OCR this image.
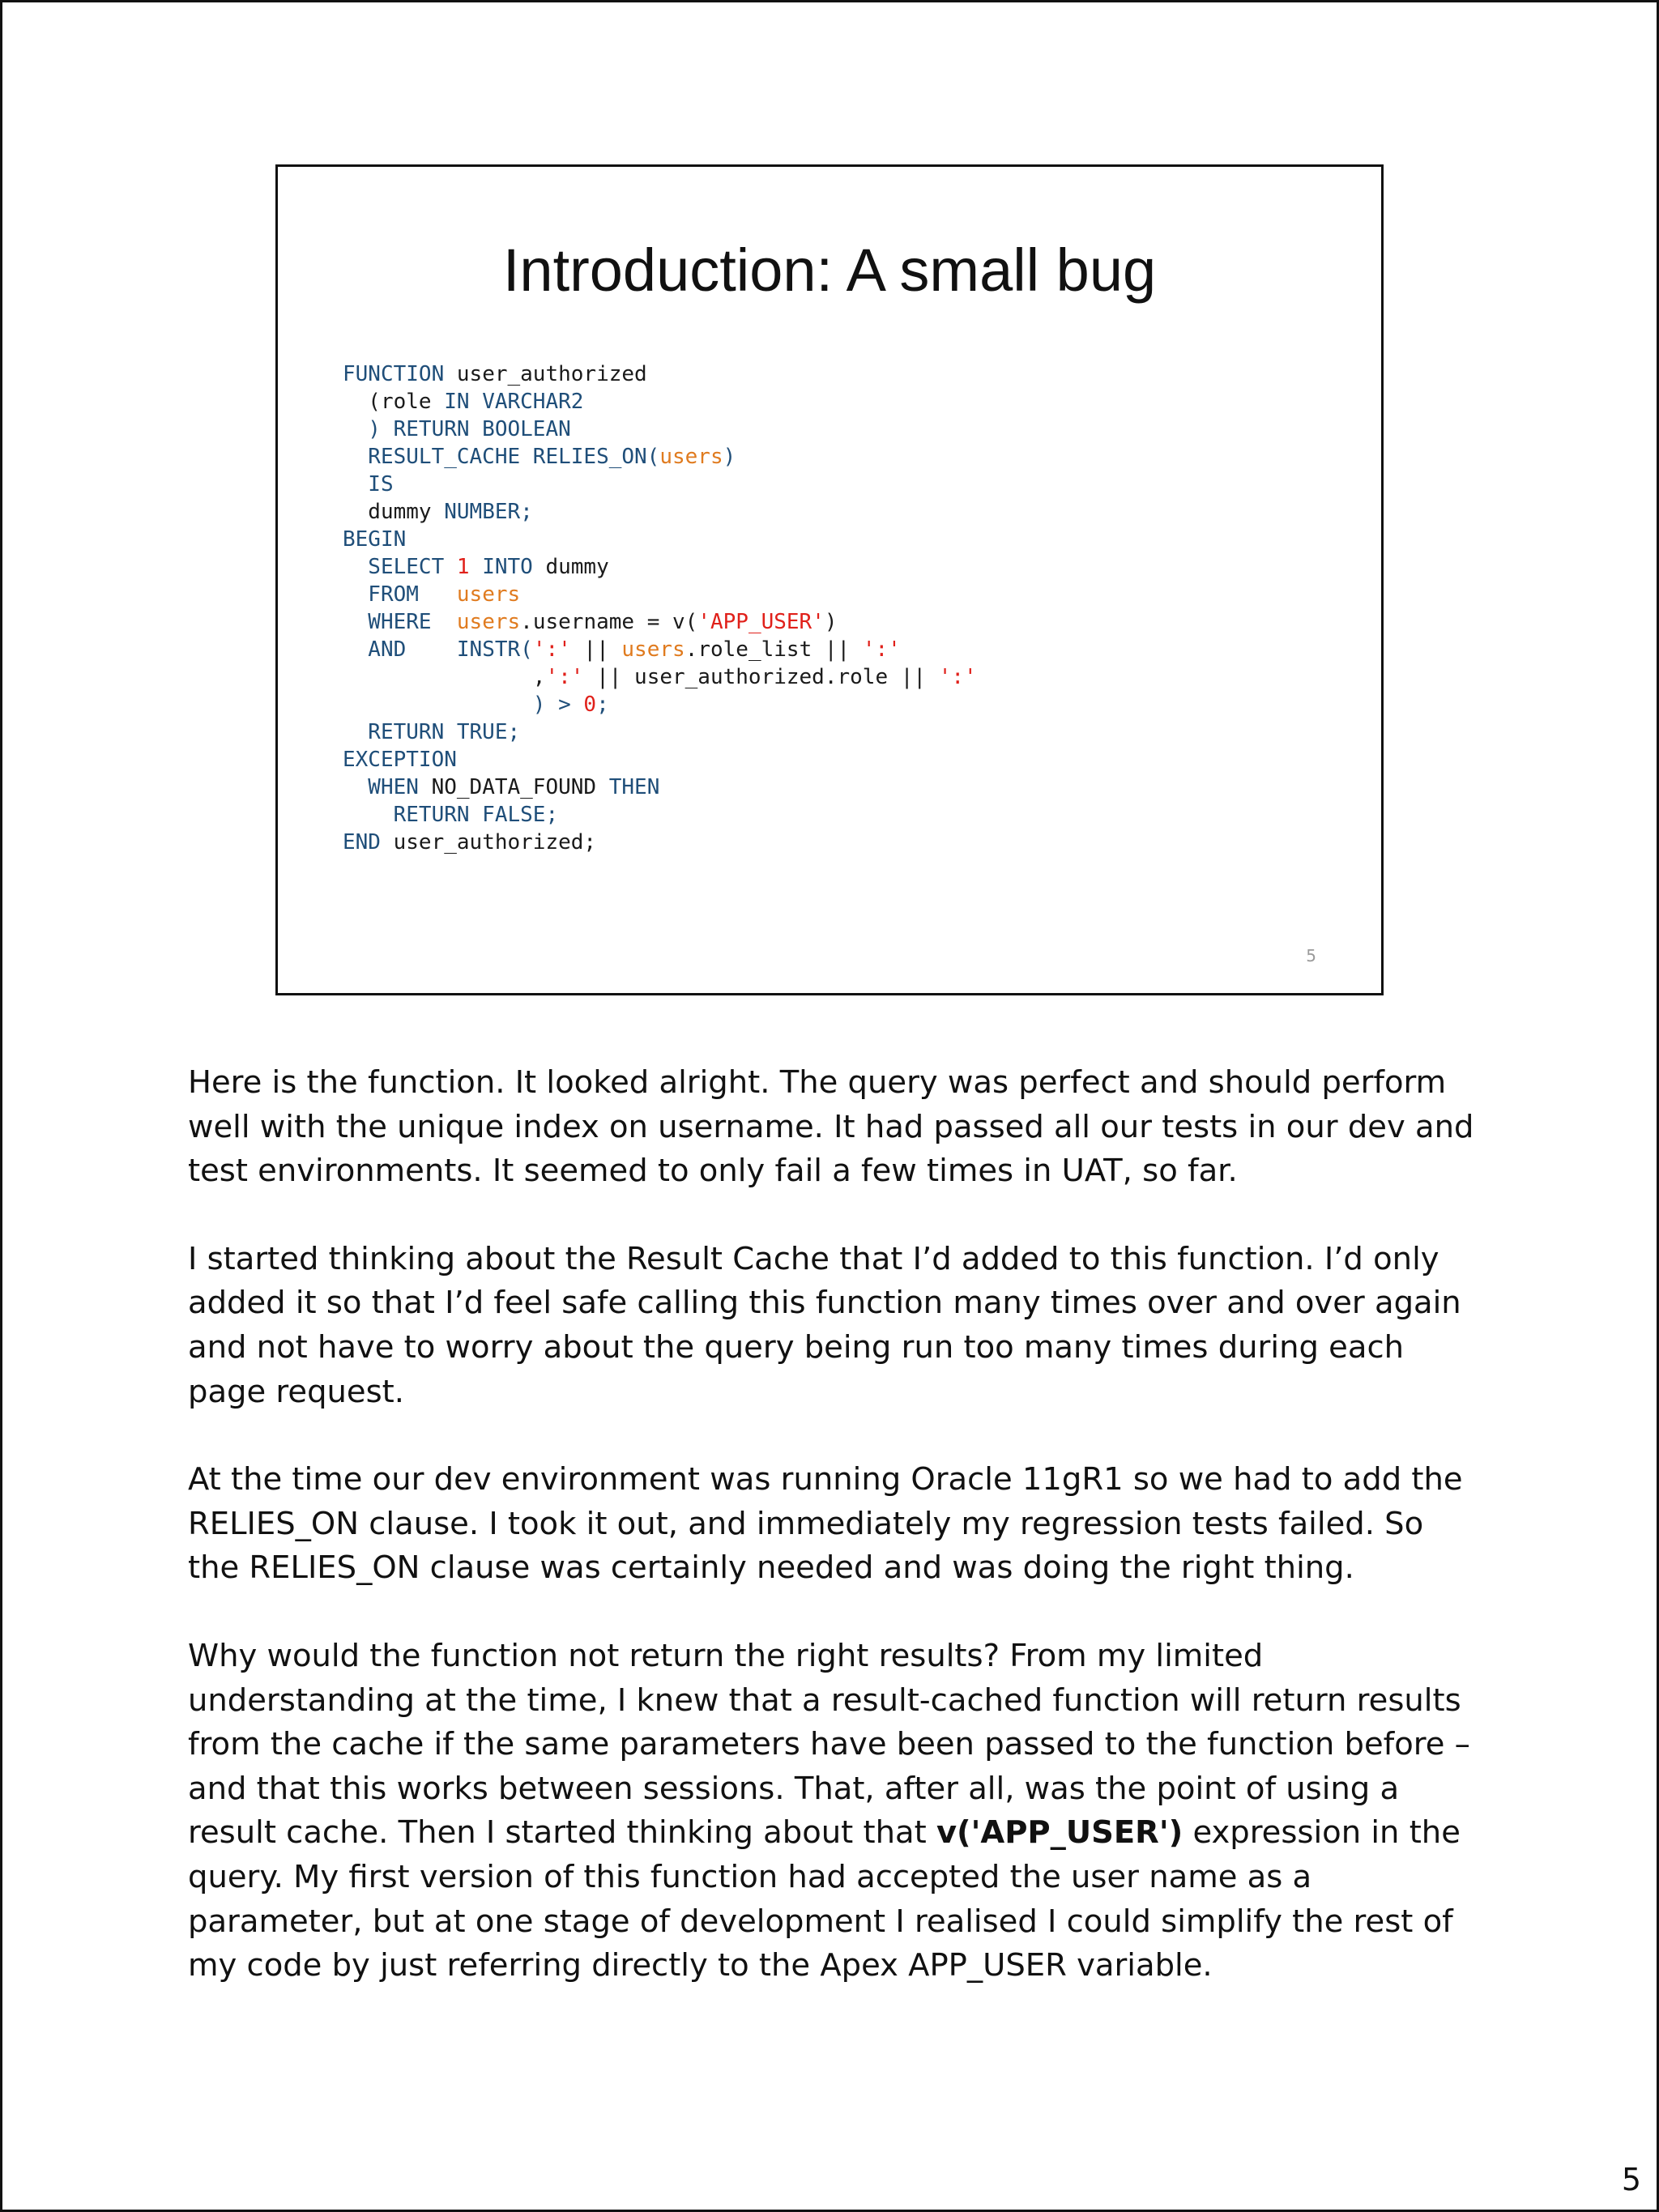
Introduction: A small bug
FUNCTION user_authorized
(role IN VARCHAR2
) RETURN BOOLEAN
RESULT_CACHE RELIES_ON(users)
IS
dummy NUMBER;
BEGIN
SELECT 1 INTO dummy
FROM   users
WHERE  users.username = v('APP_USER')
AND    INSTR(':' || users.role_list || ':'
,':' || user_authorized.role || ':'
) > 0;
RETURN TRUE;
EXCEPTION
WHEN NO_DATA_FOUND THEN
RETURN FALSE;
END user_authorized;
5

Here is the function. It looked alright. The query was perfect and should perform well with the unique index on username. It had passed all our tests in our dev and test environments. It seemed to only fail a few times in UAT, so far.

I started thinking about the Result Cache that I’d added to this function. I’d only added it so that I’d feel safe calling this function many times over and over again and not have to worry about the query being run too many times during each page request.

At the time our dev environment was running Oracle 11gR1 so we had to add the RELIES_ON clause. I took it out, and immediately my regression tests failed. So the RELIES_ON clause was certainly needed and was doing the right thing.

Why would the function not return the right results? From my limited understanding at the time, I knew that a result-cached function will return results from the cache if the same parameters have been passed to the function before – and that this works between sessions. That, after all, was the point of using a result cache. Then I started thinking about that v('APP_USER') expression in the query. My first version of this function had accepted the user name as a parameter, but at one stage of development I realised I could simplify the rest of my code by just referring directly to the Apex APP_USER variable.

5
